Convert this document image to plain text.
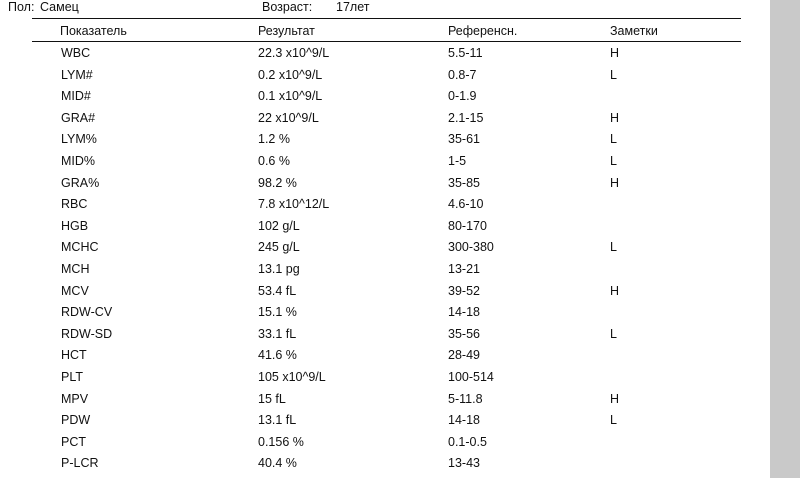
Пол: Самец	Возраст: 17лет
Показатель	Результат	Референсн.	Заметки
WBC	22.3 x10^9/L	5.5-11	H
LYM#	0.2 x10^9/L	0.8-7	L
MID#	0.1 x10^9/L	0-1.9
GRA#	22 x10^9/L	2.1-15	H
LYM%	1.2 %	35-61	L
MID%	0.6 %	1-5	L
GRA%	98.2 %	35-85	H
RBC	7.8 x10^12/L	4.6-10
HGB	102 g/L	80-170
MCHC	245 g/L	300-380	L
MCH	13.1 pg	13-21
MCV	53.4 fL	39-52	H
RDW-CV	15.1 %	14-18
RDW-SD	33.1 fL	35-56	L
HCT	41.6 %	28-49
PLT	105 x10^9/L	100-514
MPV	15 fL	5-11.8	H
PDW	13.1 fL	14-18	L
PCT	0.156 %	0.1-0.5
P-LCR	40.4 %	13-43
